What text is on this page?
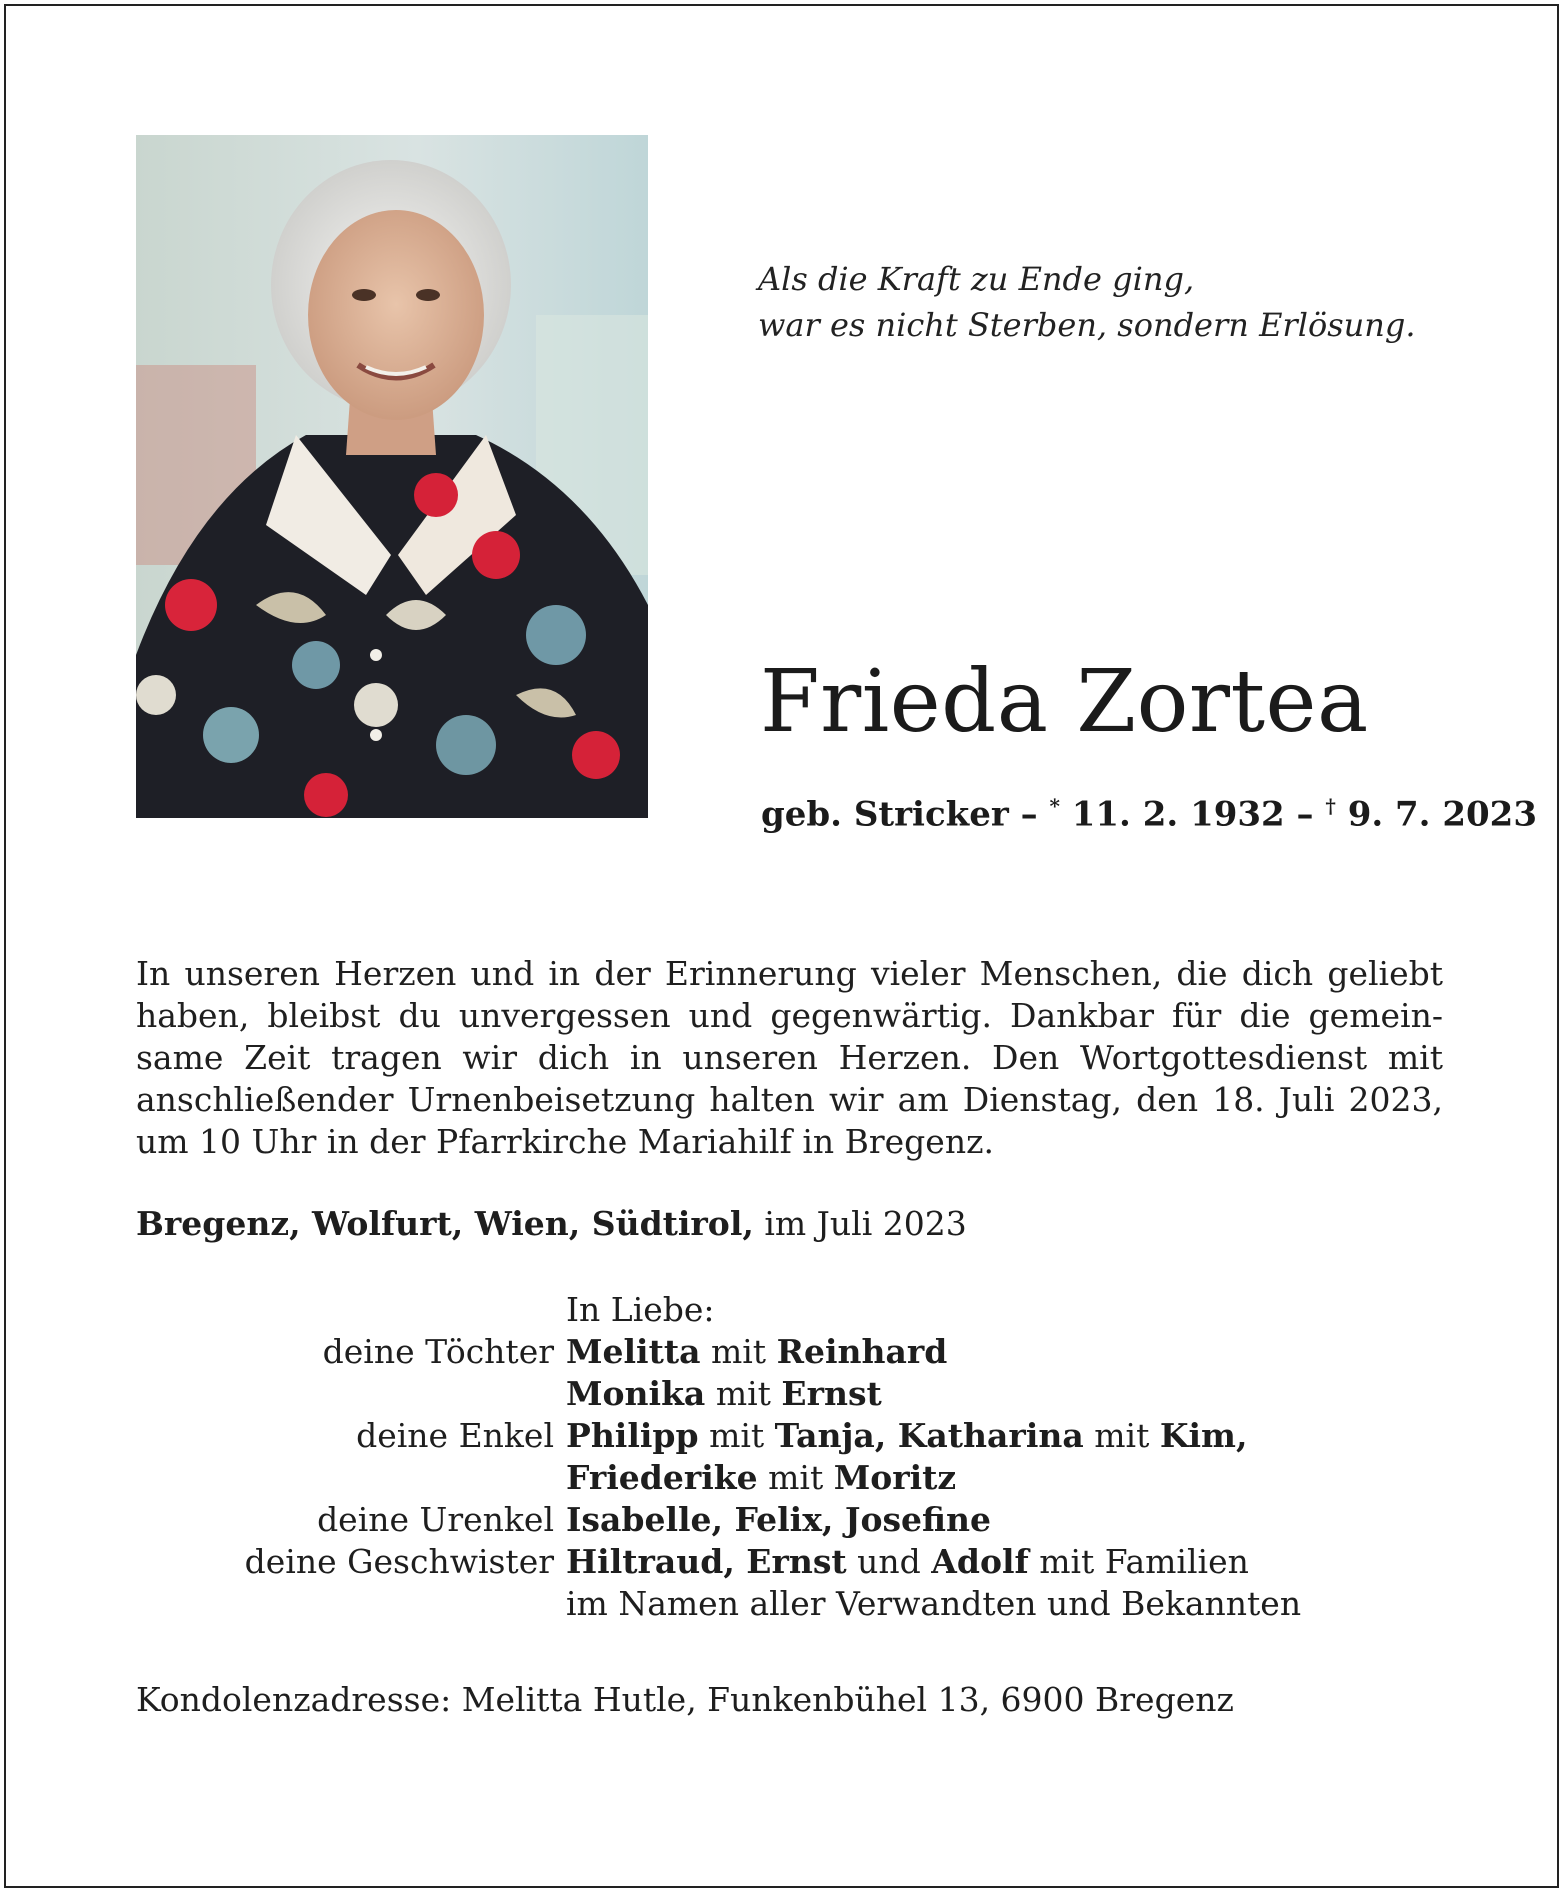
Als die Kraft zu Ende ging,
war es nicht Sterben, sondern Erlösung.
Frieda Zortea
geb. Stricker – * 11. 2. 1932 – † 9. 7. 2023
In unseren Herzen und in der Erinnerung vieler Menschen, die dich geliebt
haben, bleibst du unvergessen und gegenwärtig. Dankbar für die gemein-
same Zeit tragen wir dich in unseren Herzen. Den Wortgottesdienst mit
anschließender Urnenbeisetzung halten wir am Dienstag, den 18. Juli 2023,
um 10 Uhr in der Pfarrkirche Mariahilf in Bregenz.
Bregenz, Wolfurt, Wien, Südtirol, im Juli 2023
In Liebe:
deine Töchter Melitta mit Reinhard
Monika mit Ernst
deine Enkel Philipp mit Tanja, Katharina mit Kim,
Friederike mit Moritz
deine Urenkel Isabelle, Felix, Josefine
deine Geschwister Hiltraud, Ernst und Adolf mit Familien
im Namen aller Verwandten und Bekannten
Kondolenzadresse: Melitta Hutle, Funkenbühel 13, 6900 Bregenz
